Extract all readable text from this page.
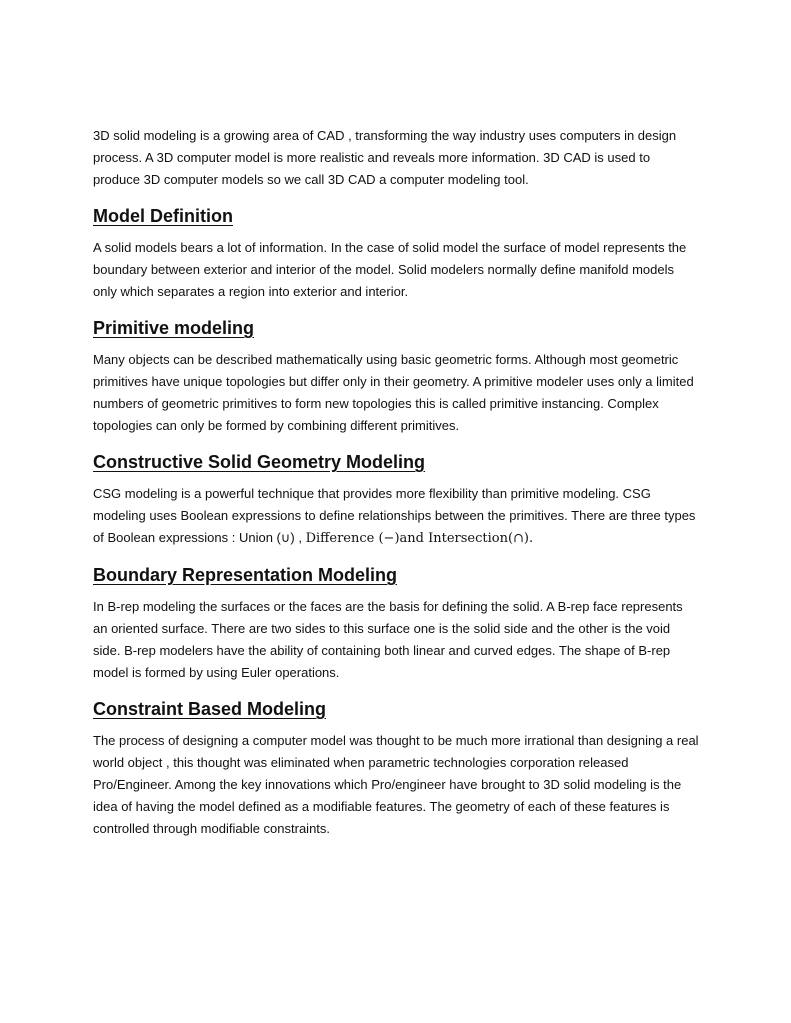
3D solid modeling is a growing area of CAD , transforming the way industry uses computers in design process. A 3D computer model is more realistic and reveals more information. 3D CAD is used to produce 3D computer models so we call 3D CAD a computer modeling tool.

Model Definition

A solid models bears a lot of information. In the case of solid model the surface of model represents the boundary between exterior and interior of the model. Solid modelers normally define manifold models only which separates a region into exterior and interior.

Primitive modeling

Many objects can be described mathematically using basic geometric forms. Although most geometric primitives have unique topologies but differ only in their geometry. A primitive modeler uses only a limited numbers of geometric primitives to form new topologies this is called primitive instancing. Complex topologies can only be formed by combining different primitives.

Constructive Solid Geometry Modeling

CSG modeling is a powerful technique that provides more flexibility than primitive modeling. CSG modeling uses Boolean expressions to define relationships between the primitives. There are three types of Boolean expressions : Union (∪) , Difference (−)and Intersection(∩).

Boundary Representation Modeling

In B-rep modeling the surfaces or the faces are the basis for defining the solid. A B-rep face represents an oriented surface. There are two sides to this surface one is the solid side and the other is the void side. B-rep modelers have the ability of containing both linear and curved edges. The shape of B-rep model is formed by using Euler operations.

Constraint Based Modeling

The process of designing a computer model was thought to be much more irrational than designing a real world object , this thought was eliminated when parametric technologies corporation released Pro/Engineer. Among the key innovations which Pro/engineer have brought to 3D solid modeling is the idea of having the model defined as a modifiable features. The geometry of each of these features is controlled through modifiable constraints.
